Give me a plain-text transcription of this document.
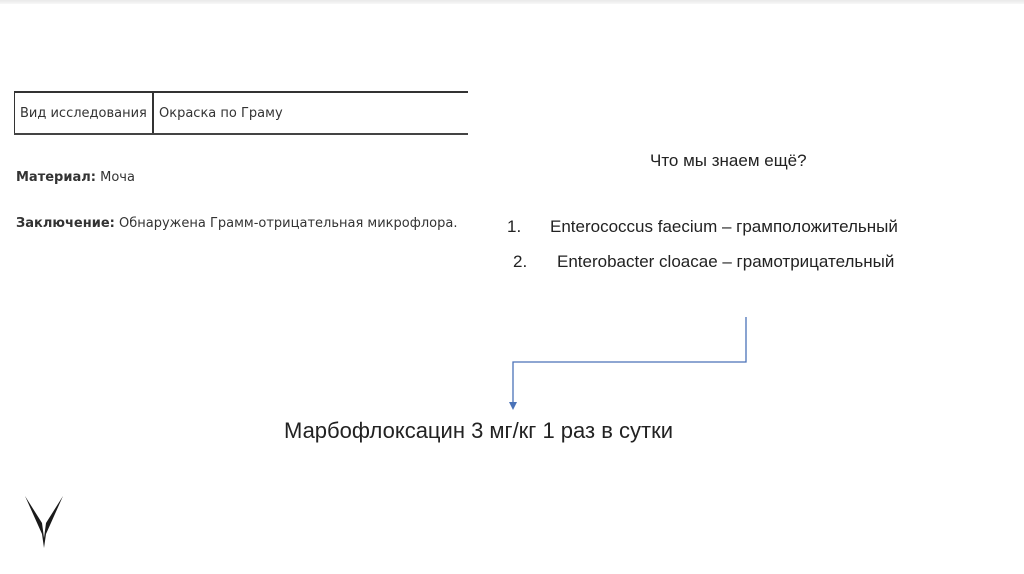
Вид исследования Окраска по Граму
Материал: Моча
Заключение: Обнаружена Грамм-отрицательная микрофлора.
Что мы знаем ещё?
1. Enterococcus faecium – грамположительный
2. Enterobacter cloacae – грамотрицательный
Марбофлоксацин 3 мг/кг 1 раз в сутки
